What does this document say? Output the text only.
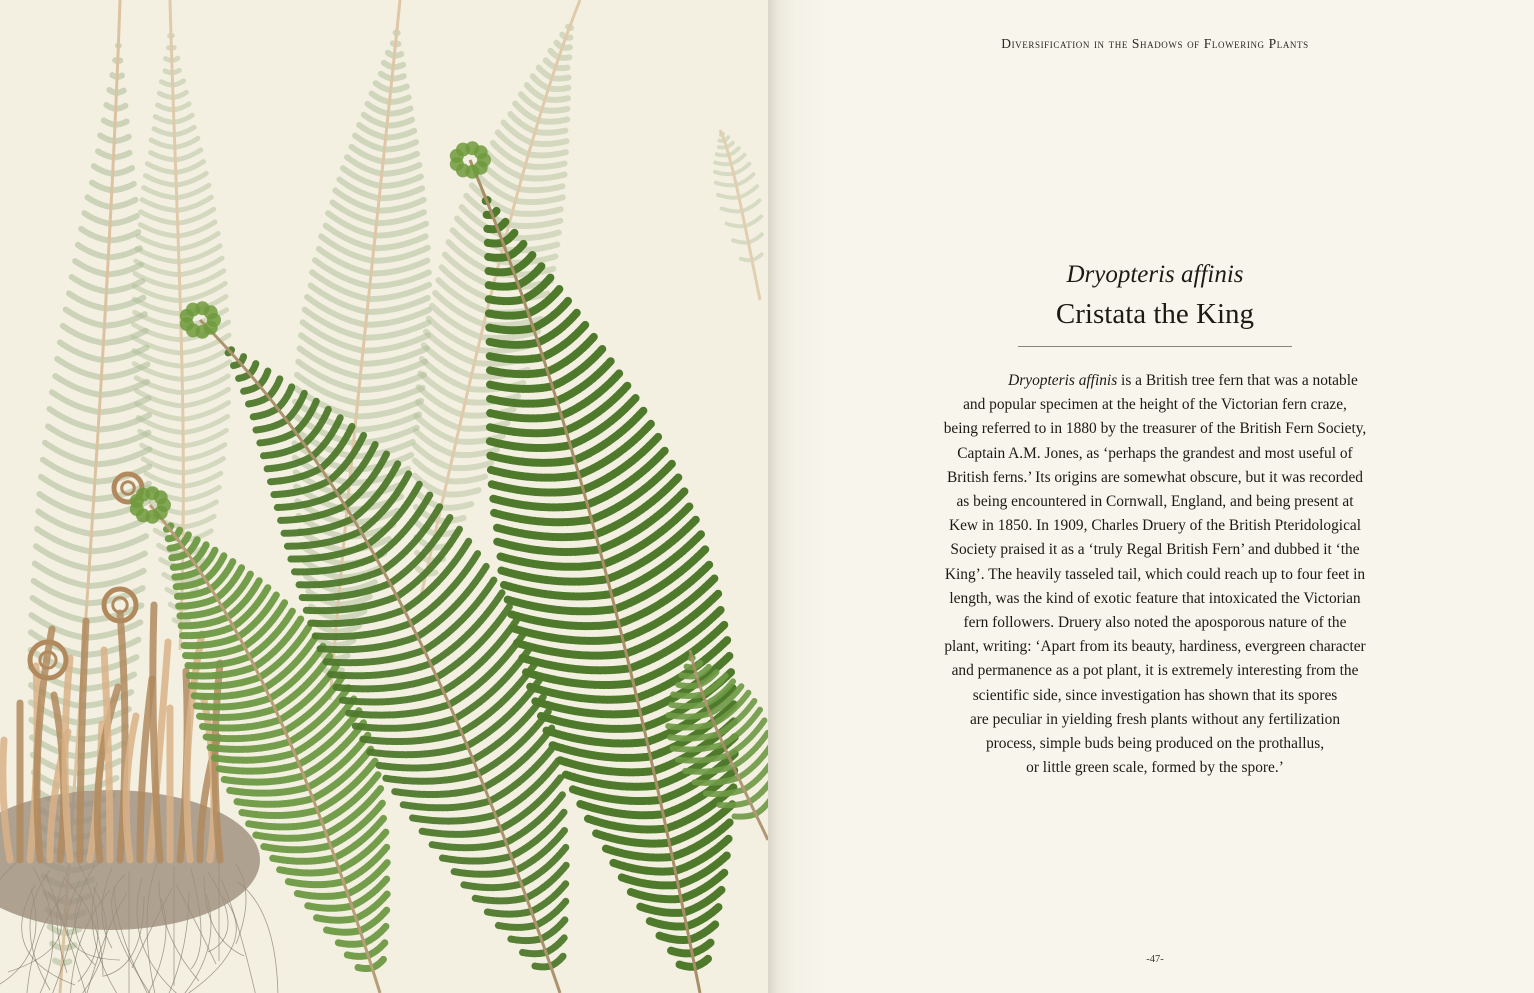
Diversification in the Shadows of Flowering Plants
Dryopteris affinis
Cristata the King
Dryopteris affinis is a British tree fern that was a notable
and popular specimen at the height of the Victorian fern craze,
being referred to in 1880 by the treasurer of the British Fern Society,
Captain A.M. Jones, as ‘perhaps the grandest and most useful of
British ferns.’ Its origins are somewhat obscure, but it was recorded
as being encountered in Cornwall, England, and being present at
Kew in 1850. In 1909, Charles Druery of the British Pteridological
Society praised it as a ‘truly Regal British Fern’ and dubbed it ‘the
King’. The heavily tasseled tail, which could reach up to four feet in
length, was the kind of exotic feature that intoxicated the Victorian
fern followers. Druery also noted the aposporous nature of the
plant, writing: ‘Apart from its beauty, hardiness, evergreen character
and permanence as a pot plant, it is extremely interesting from the
scientific side, since investigation has shown that its spores
are peculiar in yielding fresh plants without any fertilization
process, simple buds being produced on the prothallus,
or little green scale, formed by the spore.’
-47-
